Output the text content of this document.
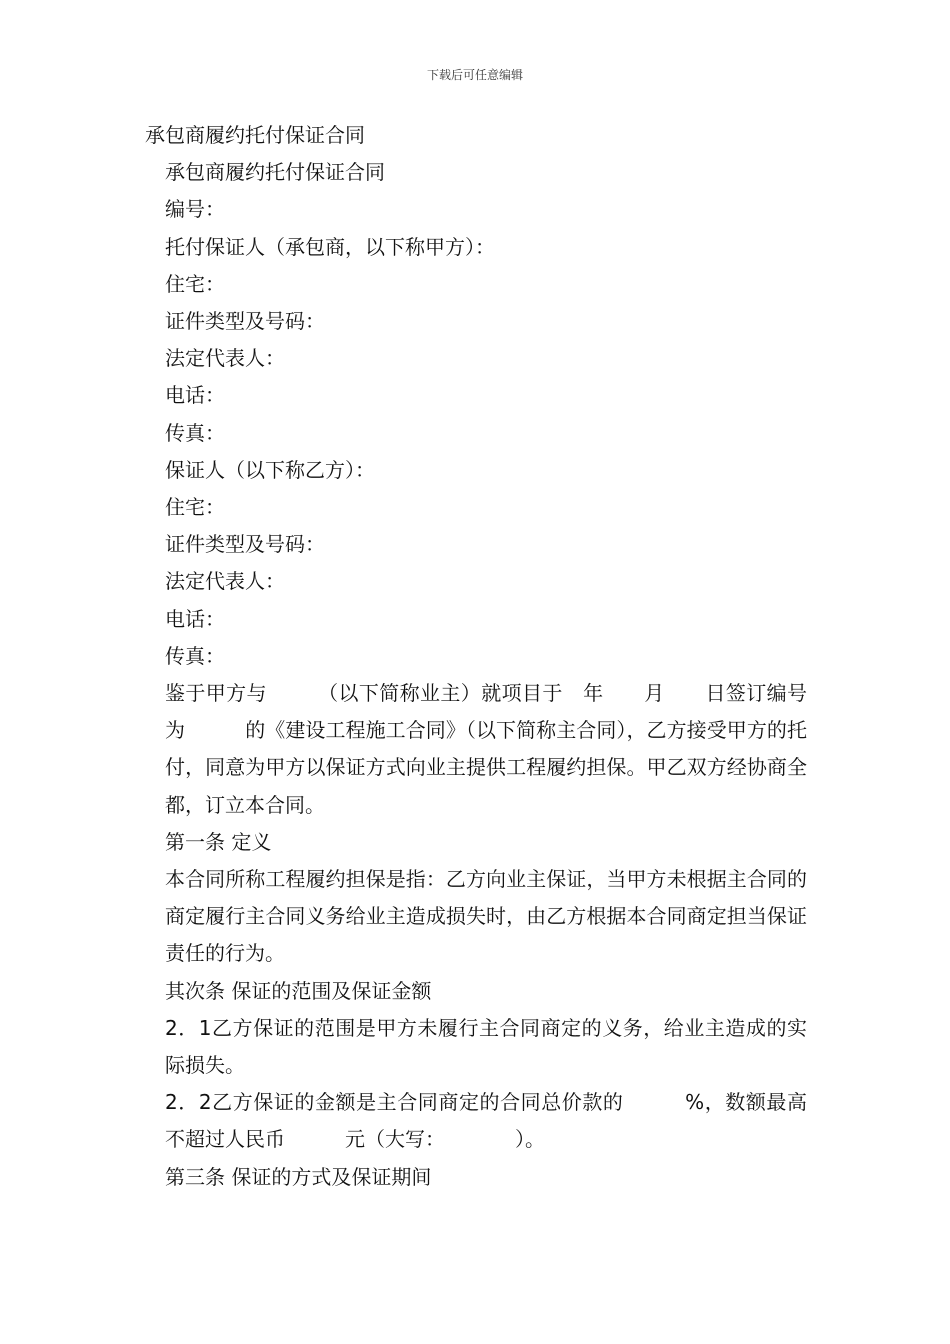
下载后可任意编辑

承包商履约托付保证合同

承包商履约托付保证合同

编号：

托付保证人（承包商，以下称甲方）：

住宅：

证件类型及号码：

法定代表人：

电话：

传真：

保证人（以下称乙方）：

住宅：

证件类型及号码：

法定代表人：

电话：

传真：

鉴于甲方与　　　（以下简称业主）就项目于　年　　月　　日签订编号为　　　的《建设工程施工合同》（以下简称主合同），乙方接受甲方的托付，同意为甲方以保证方式向业主提供工程履约担保。甲乙双方经协商全都，订立本合同。

第一条 定义

本合同所称工程履约担保是指：乙方向业主保证，当甲方未根据主合同的商定履行主合同义务给业主造成损失时，由乙方根据本合同商定担当保证责任的行为。

其次条 保证的范围及保证金额

2．1乙方保证的范围是甲方未履行主合同商定的义务，给业主造成的实际损失。

2．2乙方保证的金额是主合同商定的合同总价款的　　　%，数额最高不超过人民币　　　元（大写：　　　　）。

第三条 保证的方式及保证期间
